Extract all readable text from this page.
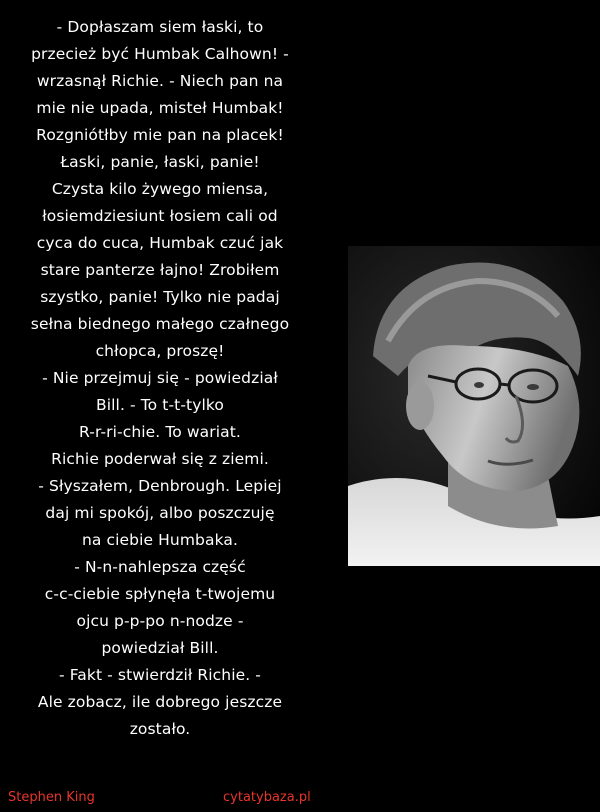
- Dopłaszam siem łaski, to
przecież być Humbak Calhown! -
wrzasnął Richie. - Niech pan na
mie nie upada, misteł Humbak!
Rozgniótłby mie pan na placek!
Łaski, panie, łaski, panie!
Czysta kilo żywego miensa,
łosiemdziesiunt łosiem cali od
cyca do cuca, Humbak czuć jak
stare panterze łajno! Zrobiłem
szystko, panie! Tylko nie padaj
sełna biednego małego czałnego
chłopca, proszę!
- Nie przejmuj się - powiedział
Bill. - To t-t-tylko
R-r-ri-chie. To wariat.
Richie poderwał się z ziemi.
- Słyszałem, Denbrough. Lepiej
daj mi spokój, albo poszczuję
na ciebie Humbaka.
- N-n-nahlepsza część
c-c-ciebie spłynęła t-twojemu
ojcu p-p-po n-nodze -
powiedział Bill.
- Fakt - stwierdził Richie. -
Ale zobacz, ile dobrego jeszcze
zostało.
Stephen King	cytatybaza.pl
